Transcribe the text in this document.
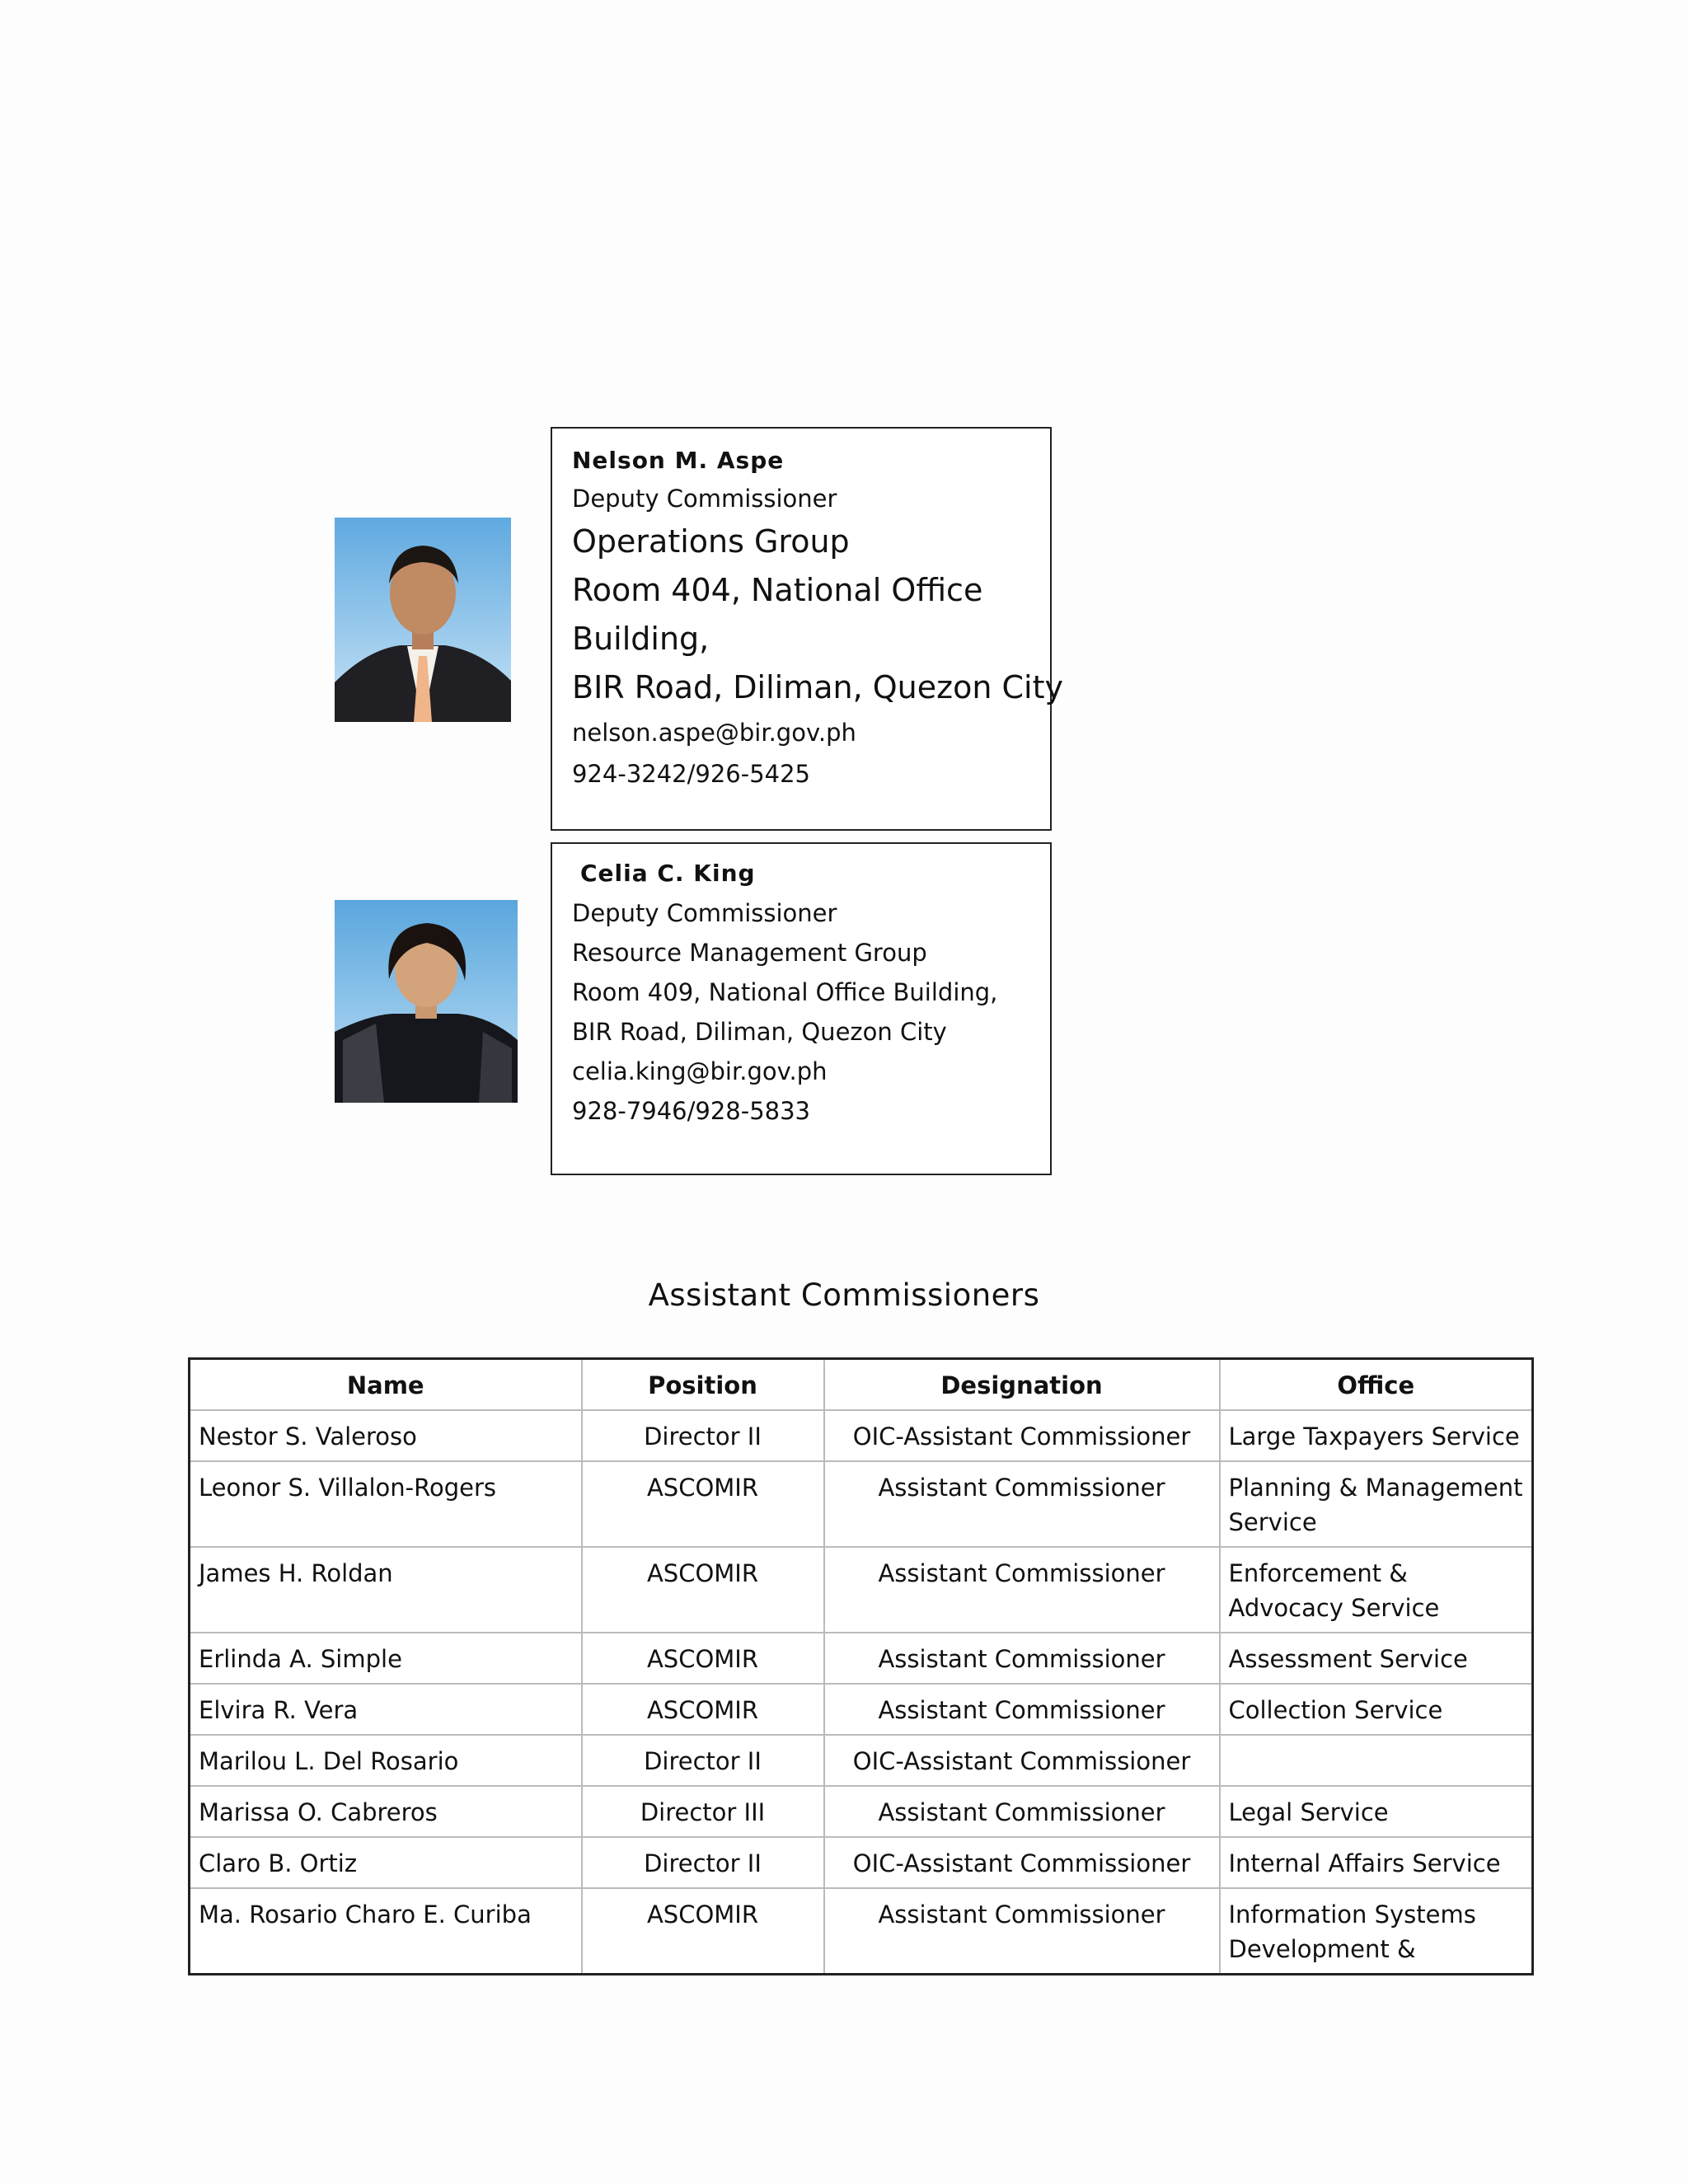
Nelson M. Aspe
Deputy Commissioner
Operations Group
Room 404, National Office
Building,
BIR Road, Diliman, Quezon City
nelson.aspe@bir.gov.ph
924-3242/926-5425
Celia C. King
Deputy Commissioner
Resource Management Group
Room 409, National Office Building,
BIR Road, Diliman, Quezon City
celia.king@bir.gov.ph
928-7946/928-5833
Assistant Commissioners
Name	Position	Designation	Office
Nestor S. Valeroso	Director II	OIC-Assistant Commissioner	Large Taxpayers Service
Leonor S. Villalon-Rogers	ASCOMIR	Assistant Commissioner	Planning & Management Service
James H. Roldan	ASCOMIR	Assistant Commissioner	Enforcement & Advocacy Service
Erlinda A. Simple	ASCOMIR	Assistant Commissioner	Assessment Service
Elvira R. Vera	ASCOMIR	Assistant Commissioner	Collection Service
Marilou L. Del Rosario	Director II	OIC-Assistant Commissioner	
Marissa O. Cabreros	Director III	Assistant Commissioner	Legal Service
Claro B. Ortiz	Director II	OIC-Assistant Commissioner	Internal Affairs Service
Ma. Rosario Charo E. Curiba	ASCOMIR	Assistant Commissioner	Information Systems Development &
